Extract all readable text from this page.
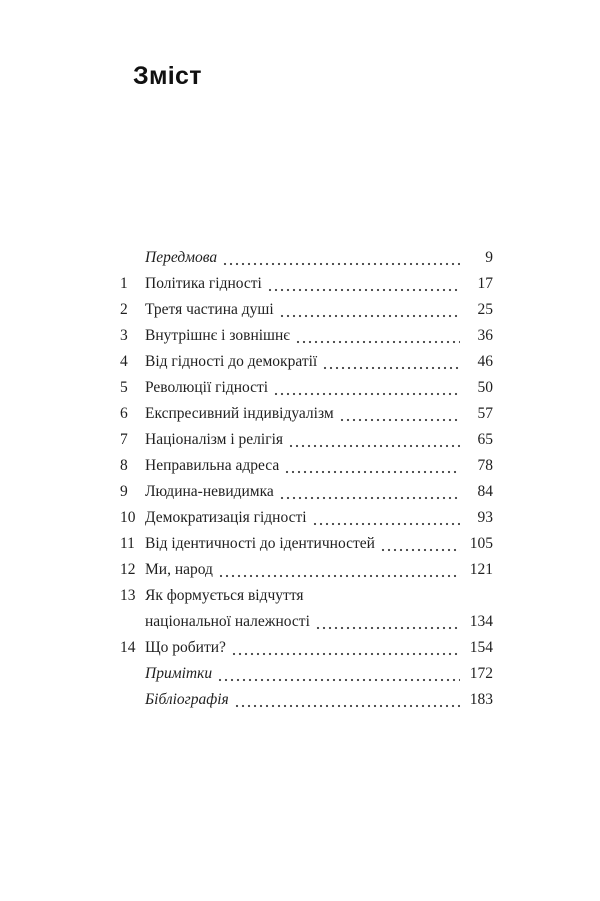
Зміст
Передмова	9
1	Політика гідності	17
2	Третя частина душі	25
3	Внутрішнє і зовнішнє	36
4	Від гідності до демократії	46
5	Революції гідності	50
6	Експресивний індивідуалізм	57
7	Націоналізм і релігія	65
8	Неправильна адреса	78
9	Людина-невидимка	84
10 Демократизація гідності	93
11 Від ідентичності до ідентичностей	105
12 Ми, народ	121
13 Як формується відчуття
національної належності	134
14 Що робити?	154
Примітки	172
Бібліографія	183
